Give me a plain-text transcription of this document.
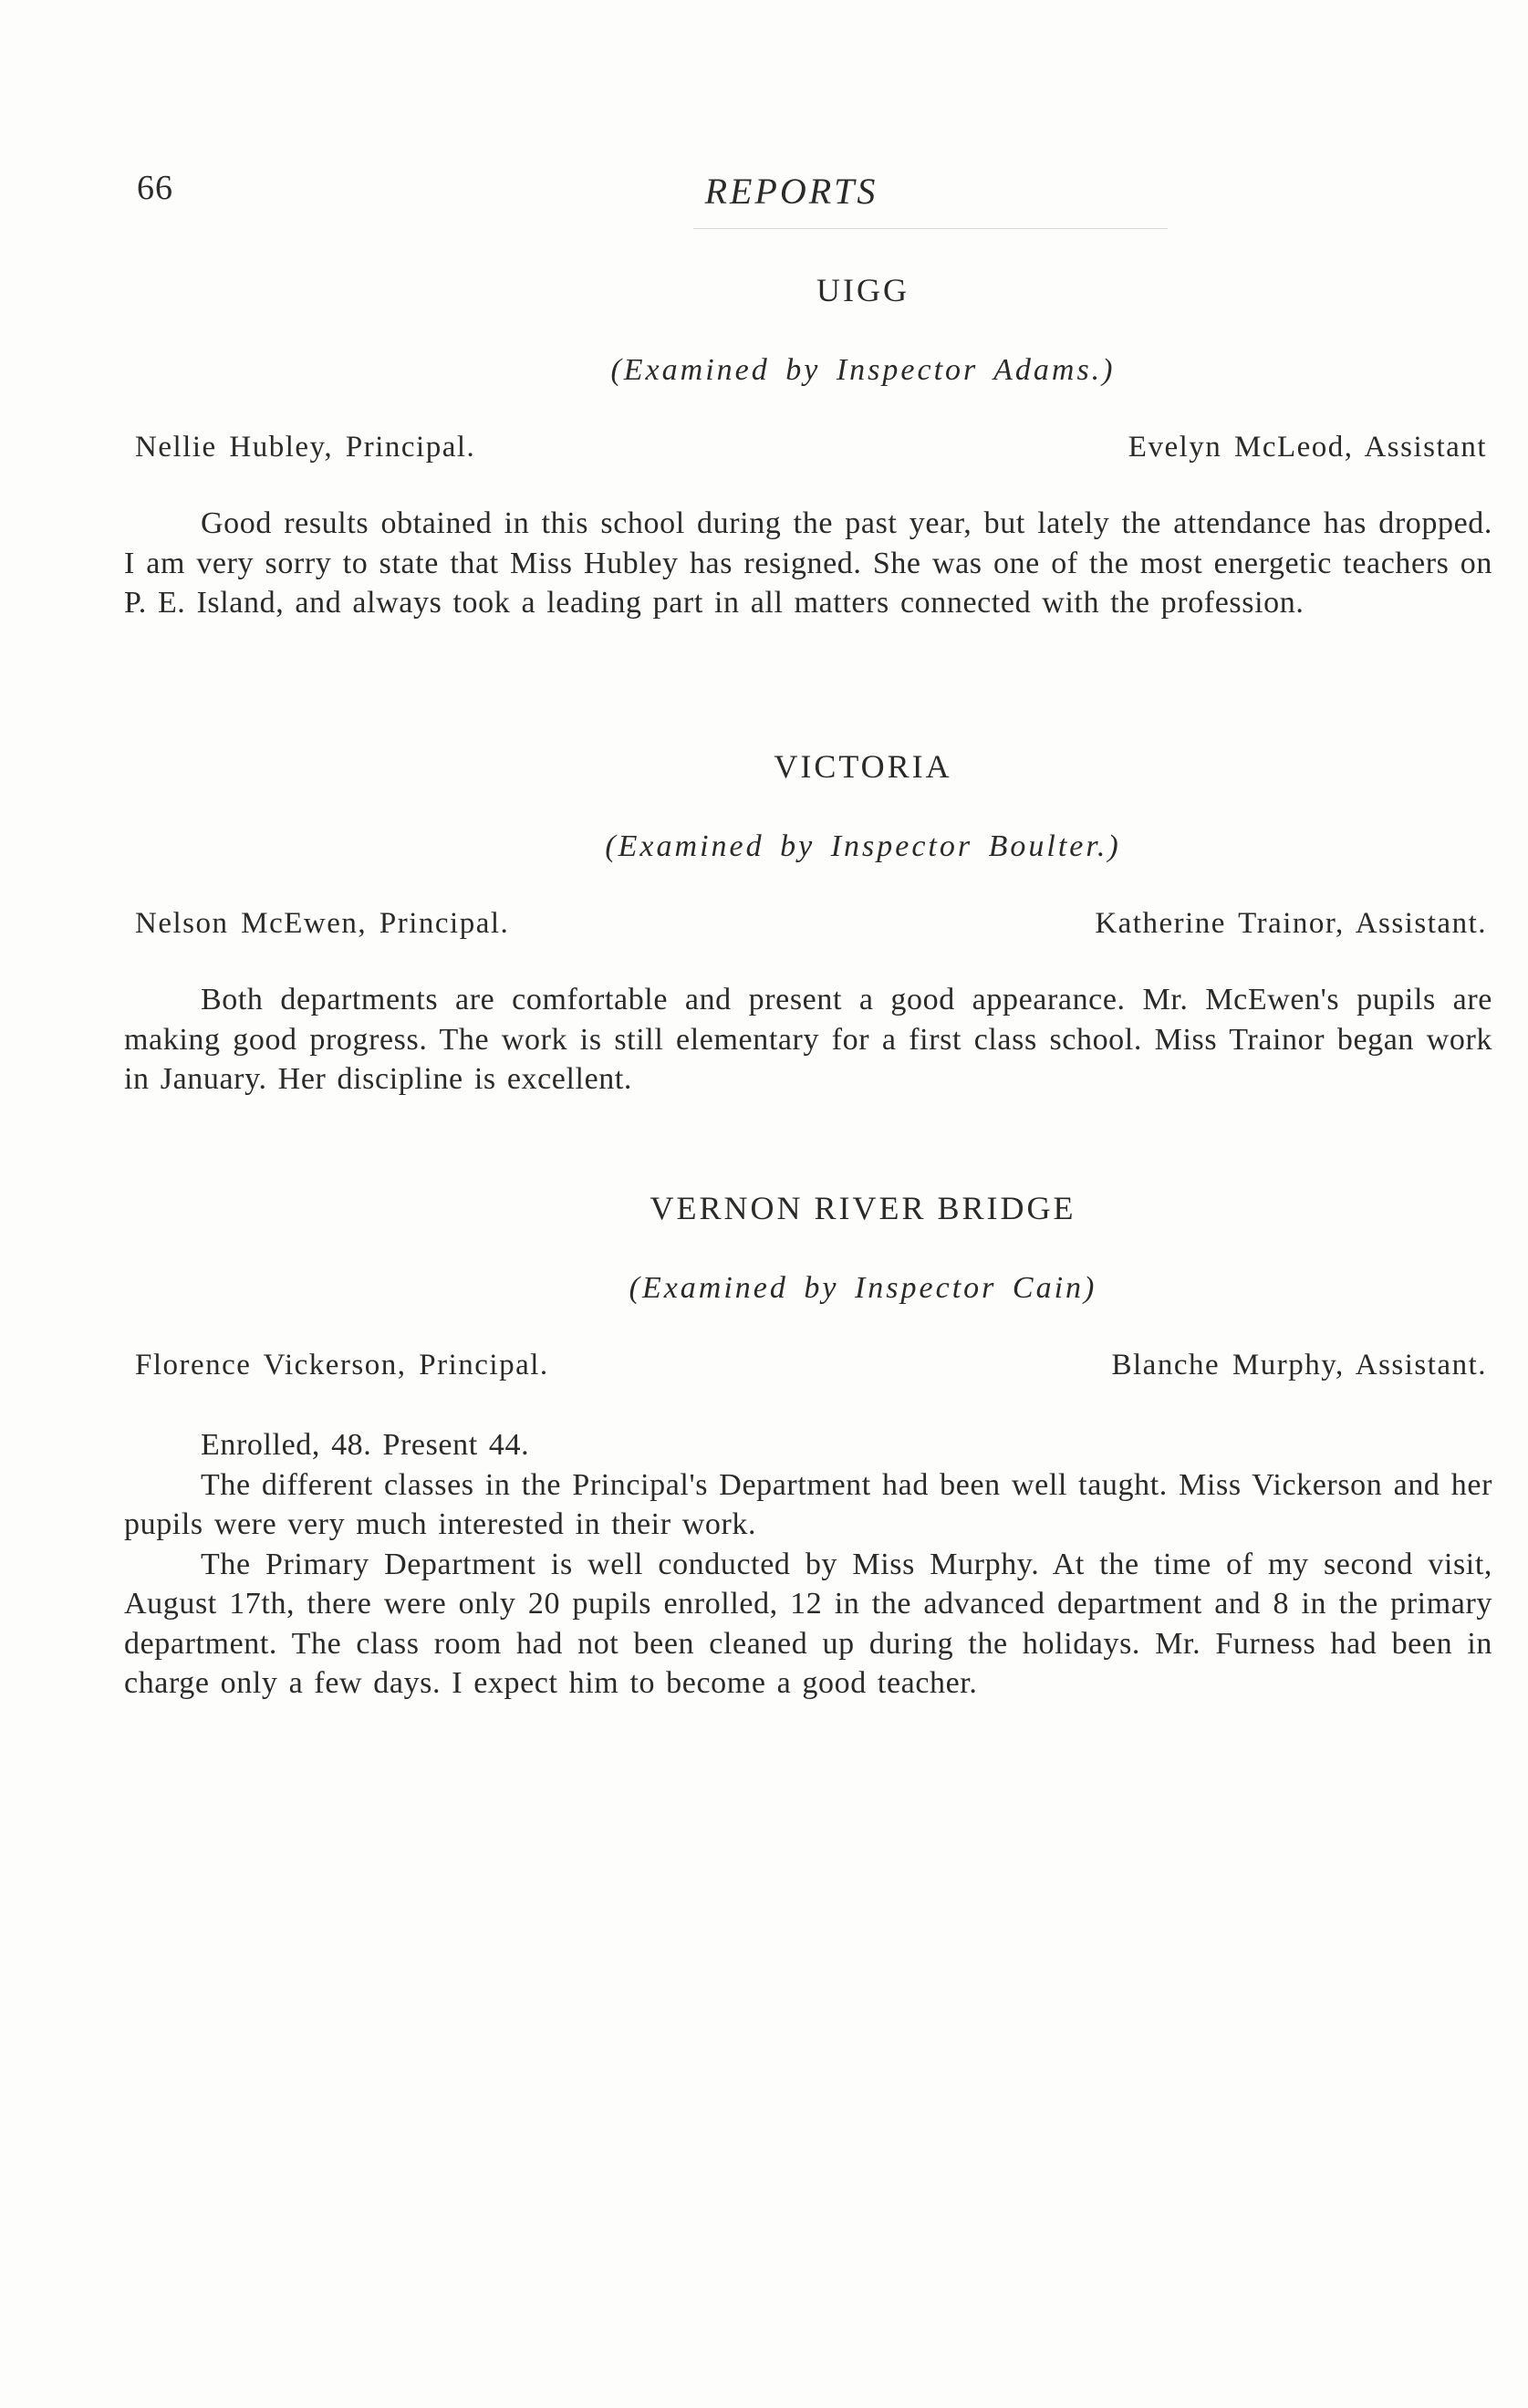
66	REPORTS
UIGG
(Examined by Inspector Adams.)
Nellie Hubley, Principal.	Evelyn McLeod, Assistant

Good results obtained in this school during the past year, but lately the attendance has dropped. I am very sorry to state that Miss Hubley has resigned. She was one of the most energetic teachers on P. E. Island, and always took a leading part in all matters connected with the profession.

VICTORIA
(Examined by Inspector Boulter.)
Nelson McEwen, Principal.	Katherine Trainor, Assistant.

Both departments are comfortable and present a good appearance. Mr. McEwen's pupils are making good progress. The work is still elementary for a first class school. Miss Trainor began work in January. Her discipline is excellent.

VERNON RIVER BRIDGE
(Examined by Inspector Cain)
Florence Vickerson, Principal.	Blanche Murphy, Assistant.

Enrolled, 48. Present 44.

The different classes in the Principal's Department had been well taught. Miss Vickerson and her pupils were very much interested in their work.

The Primary Department is well conducted by Miss Murphy. At the time of my second visit, August 17th, there were only 20 pupils enrolled, 12 in the advanced department and 8 in the primary department. The class room had not been cleaned up during the holidays. Mr. Furness had been in charge only a few days. I expect him to become a good teacher.
